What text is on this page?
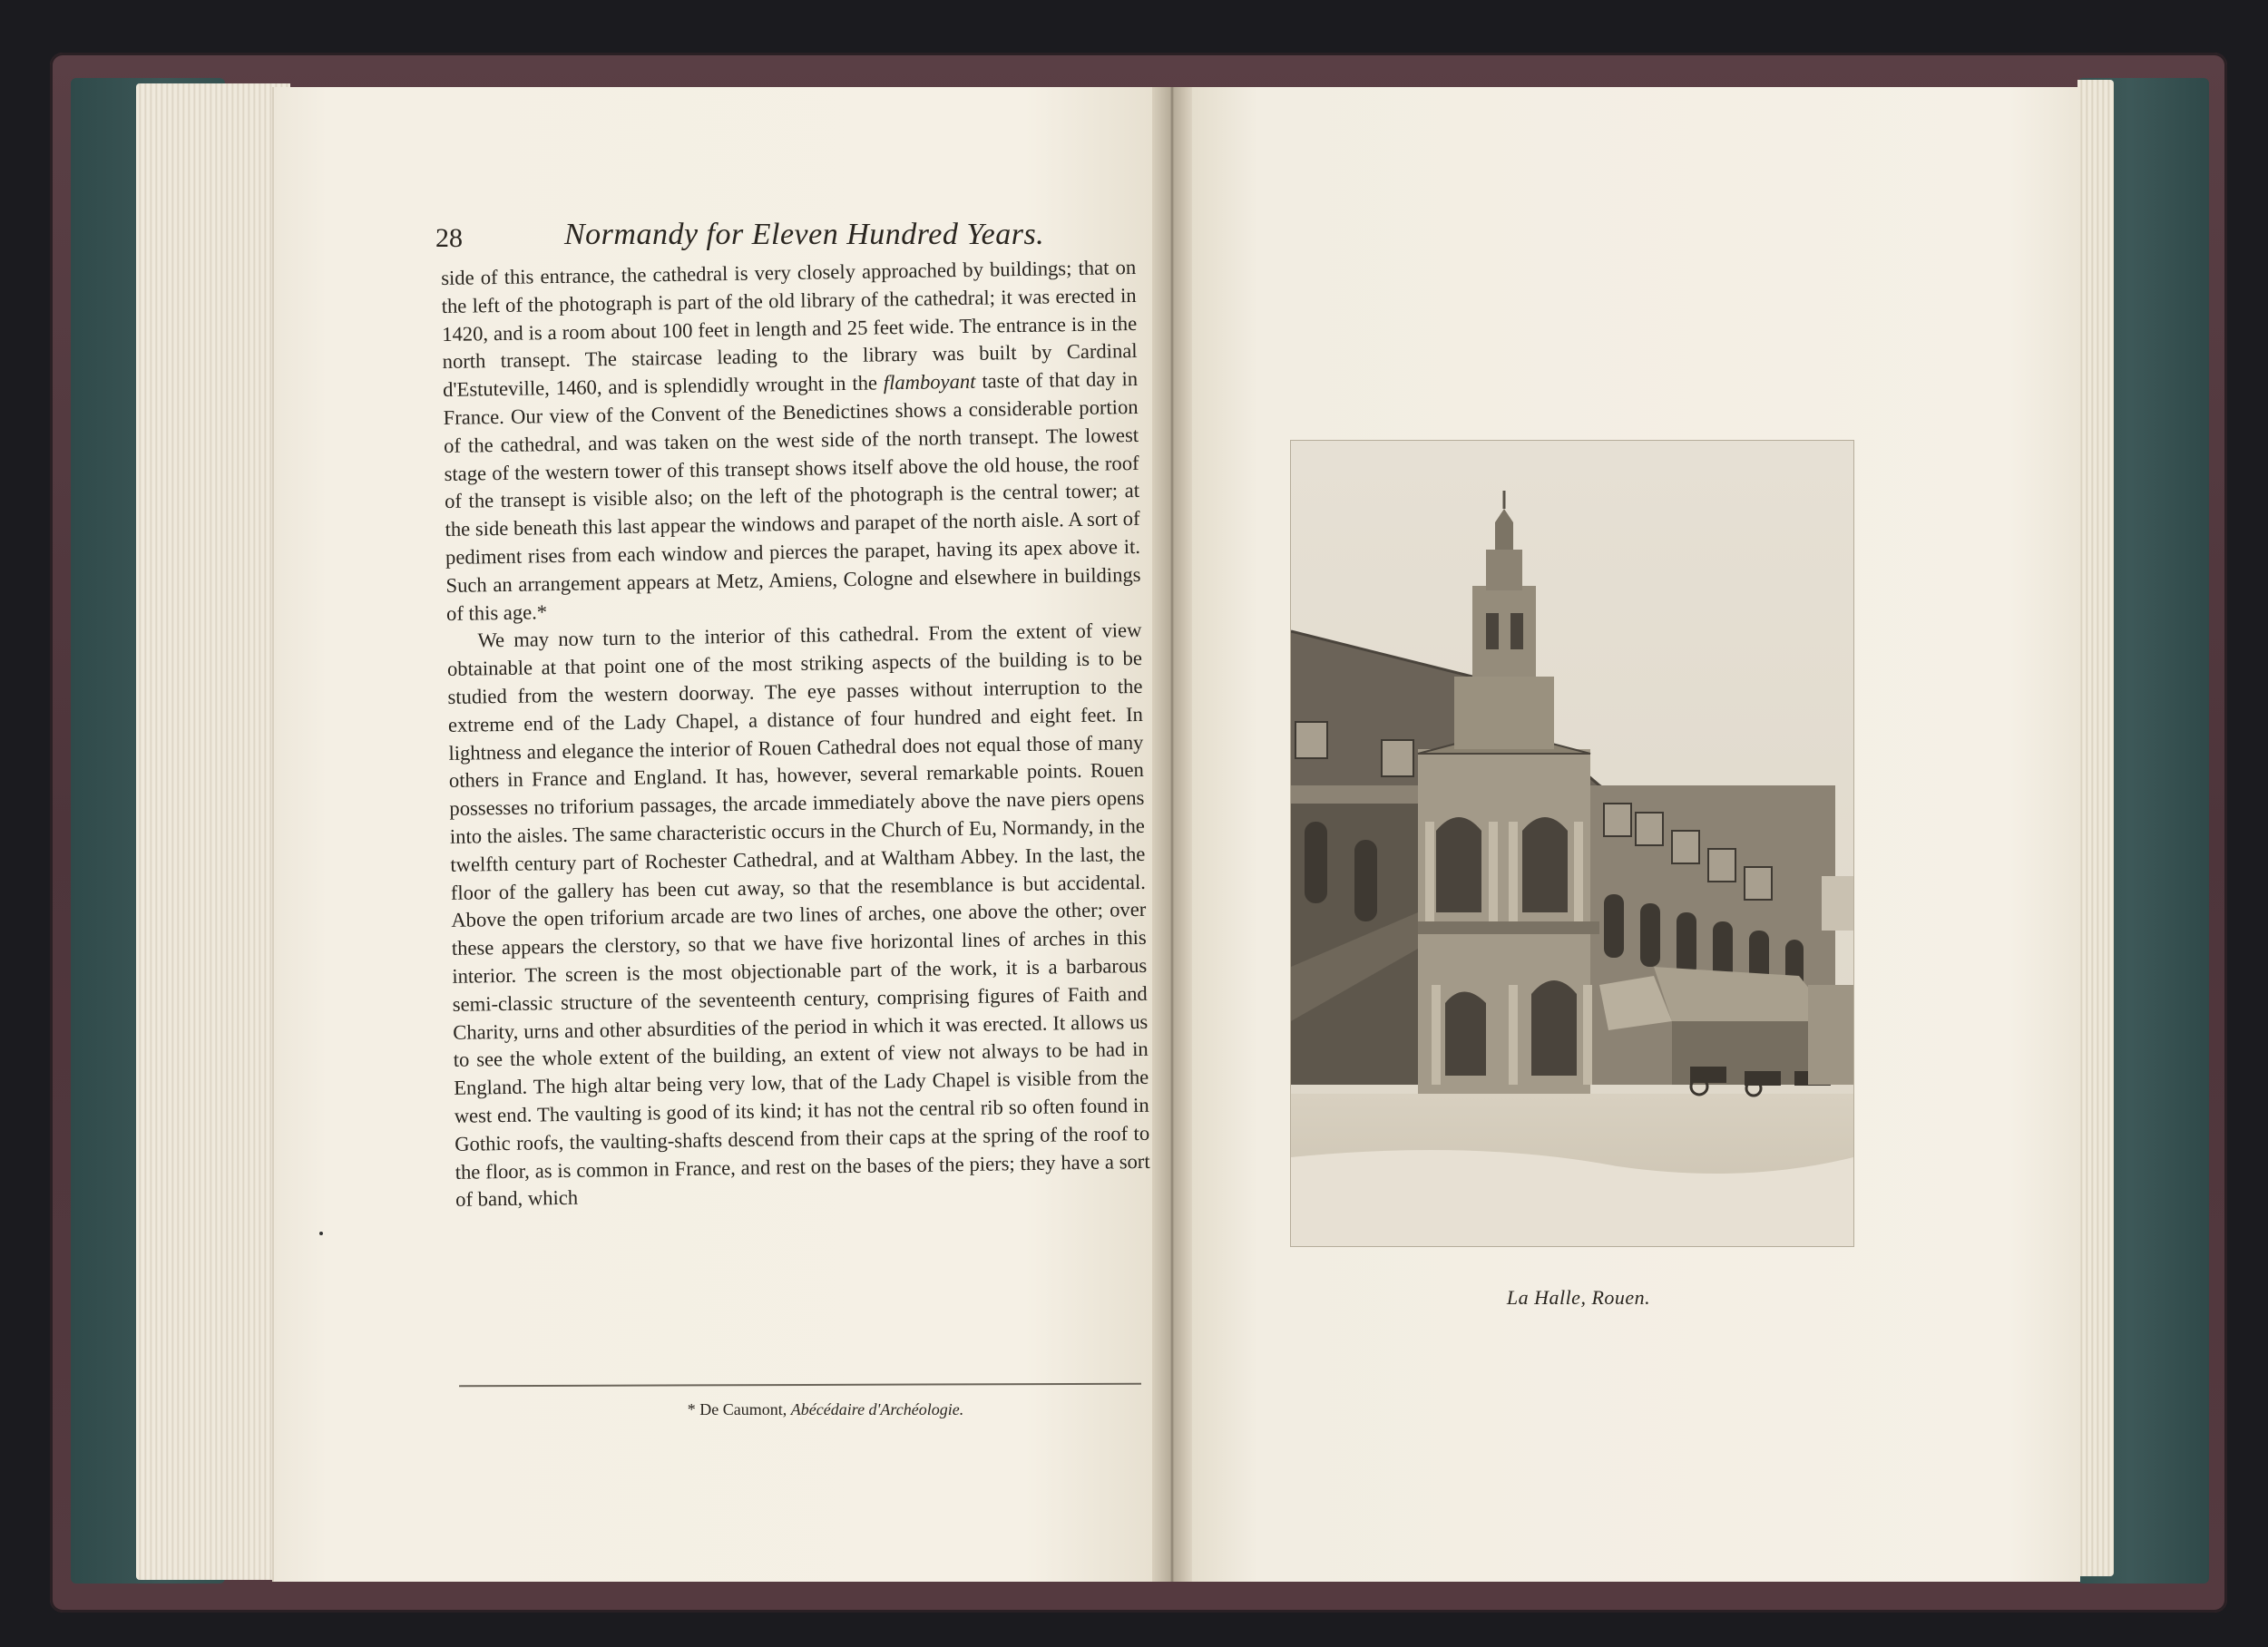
28	Normandy for Eleven Hundred Years.

side of this entrance, the cathedral is very closely approached by buildings; that on the left of the photograph is part of the old library of the cathedral; it was erected in 1420, and is a room about 100 feet in length and 25 feet wide. The entrance is in the north transept. The staircase leading to the library was built by Cardinal d'Estuteville, 1460, and is splendidly wrought in the flamboyant taste of that day in France. Our view of the Convent of the Benedictines shows a considerable portion of the cathedral, and was taken on the west side of the north transept. The lowest stage of the western tower of this transept shows itself above the old house, the roof of the transept is visible also; on the left of the photograph is the central tower; at the side beneath this last appear the windows and parapet of the north aisle. A sort of pediment rises from each window and pierces the parapet, having its apex above it. Such an arrangement appears at Metz, Amiens, Cologne and elsewhere in buildings of this age.*

We may now turn to the interior of this cathedral. From the extent of view obtainable at that point one of the most striking aspects of the building is to be studied from the western doorway. The eye passes without interruption to the extreme end of the Lady Chapel, a distance of four hundred and eight feet. In lightness and elegance the interior of Rouen Cathedral does not equal those of many others in France and England. It has, however, several remarkable points. Rouen possesses no triforium passages, the arcade immediately above the nave piers opens into the aisles. The same characteristic occurs in the Church of Eu, Normandy, in the twelfth century part of Rochester Cathedral, and at Waltham Abbey. In the last, the floor of the gallery has been cut away, so that the resemblance is but accidental. Above the open triforium arcade are two lines of arches, one above the other; over these appears the clerstory, so that we have five horizontal lines of arches in this interior. The screen is the most objectionable part of the work, it is a barbarous semi-classic structure of the seventeenth century, comprising figures of Faith and Charity, urns and other absurdities of the period in which it was erected. It allows us to see the whole extent of the building, an extent of view not always to be had in England. The high altar being very low, that of the Lady Chapel is visible from the west end. The vaulting is good of its kind; it has not the central rib so often found in Gothic roofs, the vaulting-shafts descend from their caps at the spring of the roof to the floor, as is common in France, and rest on the bases of the piers; they have a sort of band, which

* De Caumont, Abécédaire d'Archéologie.
La Halle, Rouen.
